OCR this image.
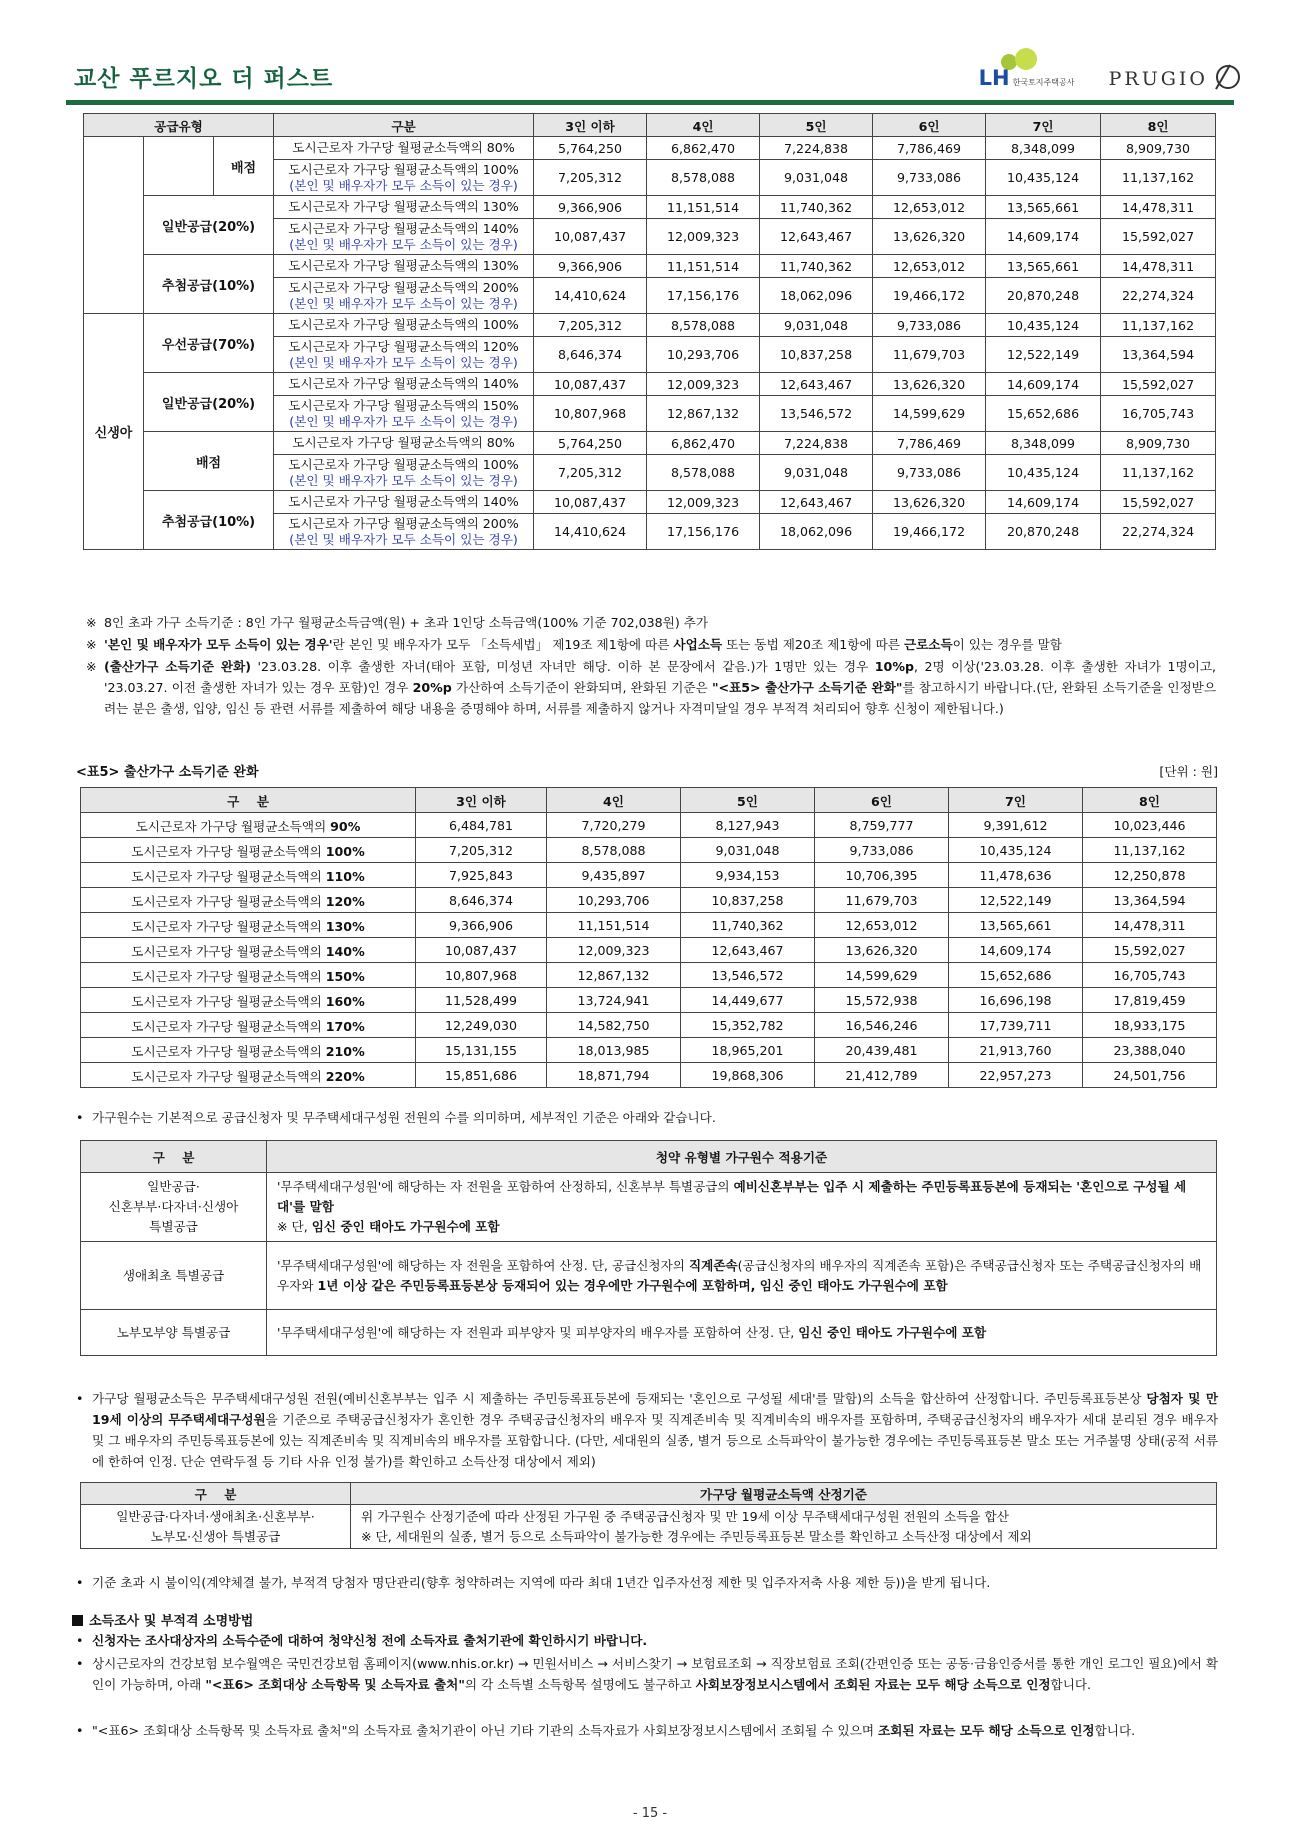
교산 푸르지오 더 퍼스트	LH 한국토지주택공사 PRUGIO
공급유형			구분	3인 이하	4인	5인	6인	7인	8인
		배점	도시근로자 가구당 월평균소득액의 80%	5,764,250	6,862,470	7,224,838	7,786,469	8,348,099	8,909,730

			도시근로자 가구당 월평균소득액의 100%
(본인 및 배우자가 모두 소득이 있는 경우)	7,205,312	8,578,088	9,031,048	9,733,086	10,435,124	11,137,162
	일반공급(20%)		도시근로자 가구당 월평균소득액의 130%	9,366,906	11,151,514	11,740,362	12,653,012	13,565,661	14,478,311

			도시근로자 가구당 월평균소득액의 140%
(본인 및 배우자가 모두 소득이 있는 경우)	10,087,437	12,009,323	12,643,467	13,626,320	14,609,174	15,592,027
	추첨공급(10%)		도시근로자 가구당 월평균소득액의 130%	9,366,906	11,151,514	11,740,362	12,653,012	13,565,661	14,478,311

			도시근로자 가구당 월평균소득액의 200%
(본인 및 배우자가 모두 소득이 있는 경우)	14,410,624	17,156,176	18,062,096	19,466,172	20,870,248	22,274,324
신생아	우선공급(70%)		도시근로자 가구당 월평균소득액의 100%	7,205,312	8,578,088	9,031,048	9,733,086	10,435,124	11,137,162

			도시근로자 가구당 월평균소득액의 120%
(본인 및 배우자가 모두 소득이 있는 경우)	8,646,374	10,293,706	10,837,258	11,679,703	12,522,149	13,364,594
	일반공급(20%)		도시근로자 가구당 월평균소득액의 140%	10,087,437	12,009,323	12,643,467	13,626,320	14,609,174	15,592,027

			도시근로자 가구당 월평균소득액의 150%
(본인 및 배우자가 모두 소득이 있는 경우)	10,807,968	12,867,132	13,546,572	14,599,629	15,652,686	16,705,743
	배점		도시근로자 가구당 월평균소득액의 80%	5,764,250	6,862,470	7,224,838	7,786,469	8,348,099	8,909,730

			도시근로자 가구당 월평균소득액의 100%
(본인 및 배우자가 모두 소득이 있는 경우)	7,205,312	8,578,088	9,031,048	9,733,086	10,435,124	11,137,162
	추첨공급(10%)		도시근로자 가구당 월평균소득액의 140%	10,087,437	12,009,323	12,643,467	13,626,320	14,609,174	15,592,027

			도시근로자 가구당 월평균소득액의 200%
(본인 및 배우자가 모두 소득이 있는 경우)	14,410,624	17,156,176	18,062,096	19,466,172	20,870,248	22,274,324
※ 8인 초과 가구 소득기준 : 8인 가구 월평균소득금액(원) + 초과 1인당 소득금액(100% 기준 702,038원) 추가
※ '본인 및 배우자가 모두 소득이 있는 경우'란 본인 및 배우자가 모두 「소득세법」 제19조 제1항에 따른 사업소득 또는 동법 제20조 제1항에 따른 근로소득이 있는 경우를 말함
※ (출산가구 소득기준 완화) '23.03.28. 이후 출생한 자녀(태아 포함, 미성년 자녀만 해당. 이하 본 문장에서 같음.)가 1명만 있는 경우 10%p, 2명 이상('23.03.28. 이후 출생한 자녀가 1명이고, '23.03.27. 이전 출생한 자녀가 있는 경우 포함)인 경우 20%p 가산하여 소득기준이 완화되며, 완화된 기준은 "<표5> 출산가구 소득기준 완화"를 참고하시기 바랍니다.(단, 완화된 소득기준을 인정받으려는 분은 출생, 입양, 임신 등 관련 서류를 제출하여 해당 내용을 증명해야 하며, 서류를 제출하지 않거나 자격미달일 경우 부적격 처리되어 향후 신청이 제한됩니다.)
<표5> 출산가구 소득기준 완화	[단위 : 원]
구    분	3인 이하	4인	5인	6인	7인	8인
도시근로자 가구당 월평균소득액의 90%	6,484,781	7,720,279	8,127,943	8,759,777	9,391,612	10,023,446
도시근로자 가구당 월평균소득액의 100%	7,205,312	8,578,088	9,031,048	9,733,086	10,435,124	11,137,162
도시근로자 가구당 월평균소득액의 110%	7,925,843	9,435,897	9,934,153	10,706,395	11,478,636	12,250,878
도시근로자 가구당 월평균소득액의 120%	8,646,374	10,293,706	10,837,258	11,679,703	12,522,149	13,364,594
도시근로자 가구당 월평균소득액의 130%	9,366,906	11,151,514	11,740,362	12,653,012	13,565,661	14,478,311
도시근로자 가구당 월평균소득액의 140%	10,087,437	12,009,323	12,643,467	13,626,320	14,609,174	15,592,027
도시근로자 가구당 월평균소득액의 150%	10,807,968	12,867,132	13,546,572	14,599,629	15,652,686	16,705,743
도시근로자 가구당 월평균소득액의 160%	11,528,499	13,724,941	14,449,677	15,572,938	16,696,198	17,819,459
도시근로자 가구당 월평균소득액의 170%	12,249,030	14,582,750	15,352,782	16,546,246	17,739,711	18,933,175
도시근로자 가구당 월평균소득액의 210%	15,131,155	18,013,985	18,965,201	20,439,481	21,913,760	23,388,040
도시근로자 가구당 월평균소득액의 220%	15,851,686	18,871,794	19,868,306	21,412,789	22,957,273	24,501,756
• 가구원수는 기본적으로 공급신청자 및 무주택세대구성원 전원의 수를 의미하며, 세부적인 기준은 아래와 같습니다.
구    분	청약 유형별 가구원수 적용기준

일반공급·
신혼부부·다자녀·신생아
특별공급	'무주택세대구성원'에 해당하는 자 전원을 포함하여 산정하되, 신혼부부 특별공급의 예비신혼부부는 입주 시 제출하는 주민등록표등본에 등재되는 '혼인으로 구성될 세대'를 말함
※ 단, 임신 중인 태아도 가구원수에 포함
생애최초 특별공급	'무주택세대구성원'에 해당하는 자 전원을 포함하여 산정. 단, 공급신청자의 직계존속(공급신청자의 배우자의 직계존속 포함)은 주택공급신청자 또는 주택공급신청자의 배우자와 1년 이상 같은 주민등록표등본상 등재되어 있는 경우에만 가구원수에 포함하며, 임신 중인 태아도 가구원수에 포함
노부모부양 특별공급	'무주택세대구성원'에 해당하는 자 전원과 피부양자 및 피부양자의 배우자를 포함하여 산정. 단, 임신 중인 태아도 가구원수에 포함
• 가구당 월평균소득은 무주택세대구성원 전원(예비신혼부부는 입주 시 제출하는 주민등록표등본에 등재되는 '혼인으로 구성될 세대'를 말함)의 소득을 합산하여 산정합니다. 주민등록표등본상 당첨자 및 만 19세 이상의 무주택세대구성원을 기준으로 주택공급신청자가 혼인한 경우 주택공급신청자의 배우자 및 직계존비속 및 직계비속의 배우자를 포함하며, 주택공급신청자의 배우자가 세대 분리된 경우 배우자 및 그 배우자의 주민등록표등본에 있는 직계존비속 및 직계비속의 배우자를 포함합니다. (다만, 세대원의 실종, 별거 등으로 소득파악이 불가능한 경우에는 주민등록표등본 말소 또는 거주불명 상태(공적 서류에 한하여 인정. 단순 연락두절 등 기타 사유 인정 불가)를 확인하고 소득산정 대상에서 제외)
구    분	가구당 월평균소득액 산정기준

일반공급·다자녀·생애최초·신혼부부·
노부모·신생아 특별공급	위 가구원수 산정기준에 따라 산정된 가구원 중 주택공급신청자 및 만 19세 이상 무주택세대구성원 전원의 소득을 합산
※ 단, 세대원의 실종, 별거 등으로 소득파악이 불가능한 경우에는 주민등록표등본 말소를 확인하고 소득산정 대상에서 제외
• 기준 초과 시 불이익(계약체결 불가, 부적격 당첨자 명단관리(향후 청약하려는 지역에 따라 최대 1년간 입주자선정 제한 및 입주자저축 사용 제한 등))을 받게 됩니다.
소득조사 및 부적격 소명방법
• 신청자는 조사대상자의 소득수준에 대하여 청약신청 전에 소득자료 출처기관에 확인하시기 바랍니다.
• 상시근로자의 건강보험 보수월액은 국민건강보험 홈페이지(www.nhis.or.kr) → 민원서비스 → 서비스찾기 → 보험료조회 → 직장보험료 조회(간편인증 또는 공동·금융인증서를 통한 개인 로그인 필요)에서 확인이 가능하며, 아래 "<표6> 조회대상 소득항목 및 소득자료 출처"의 각 소득별 소득항목 설명에도 불구하고 사회보장정보시스템에서 조회된 자료는 모두 해당 소득으로 인정합니다.
• "<표6> 조회대상 소득항목 및 소득자료 출처"의 소득자료 출처기관이 아닌 기타 기관의 소득자료가 사회보장정보시스템에서 조회될 수 있으며 조회된 자료는 모두 해당 소득으로 인정합니다.
- 15 -
